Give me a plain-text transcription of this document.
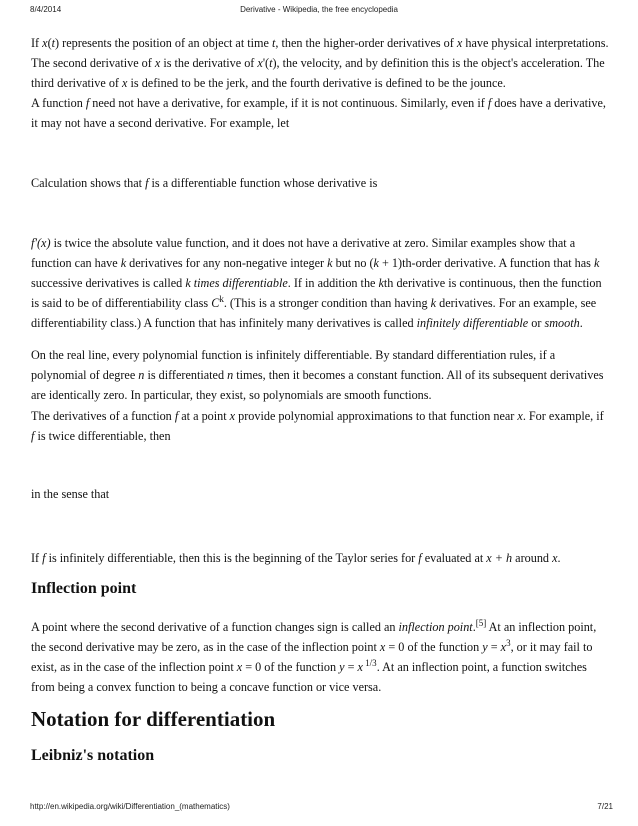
8/4/2014	Derivative - Wikipedia, the free encyclopedia

If x(t) represents the position of an object at time t, then the higher-order derivatives of x have physical interpretations. The second derivative of x is the derivative of x'(t), the velocity, and by definition this is the object's acceleration. The third derivative of x is defined to be the jerk, and the fourth derivative is defined to be the jounce.

A function f need not have a derivative, for example, if it is not continuous. Similarly, even if f does have a derivative, it may not have a second derivative. For example, let

Calculation shows that f is a differentiable function whose derivative is

f'(x) is twice the absolute value function, and it does not have a derivative at zero. Similar examples show that a function can have k derivatives for any non-negative integer k but no (k + 1)th-order derivative. A function that has k successive derivatives is called k times differentiable. If in addition the kth derivative is continuous, then the function is said to be of differentiability class $C^k$. (This is a stronger condition than having k derivatives. For an example, see differentiability class.) A function that has infinitely many derivatives is called infinitely differentiable or smooth.

On the real line, every polynomial function is infinitely differentiable. By standard differentiation rules, if a polynomial of degree n is differentiated n times, then it becomes a constant function. All of its subsequent derivatives are identically zero. In particular, they exist, so polynomials are smooth functions.

The derivatives of a function f at a point x provide polynomial approximations to that function near x. For example, if f is twice differentiable, then

in the sense that

If f is infinitely differentiable, then this is the beginning of the Taylor series for f evaluated at x + h around x.

Inflection point

A point where the second derivative of a function changes sign is called an inflection point.[5] At an inflection point, the second derivative may be zero, as in the case of the inflection point x = 0 of the function $y = x^3$, or it may fail to exist, as in the case of the inflection point x = 0 of the function y = x $^{1/3}$. At an inflection point, a function switches from being a convex function to being a concave function or vice versa.

Notation for differentiation
Leibniz's notation
http://en.wikipedia.org/wiki/Differentiation_(mathematics)	7/21
